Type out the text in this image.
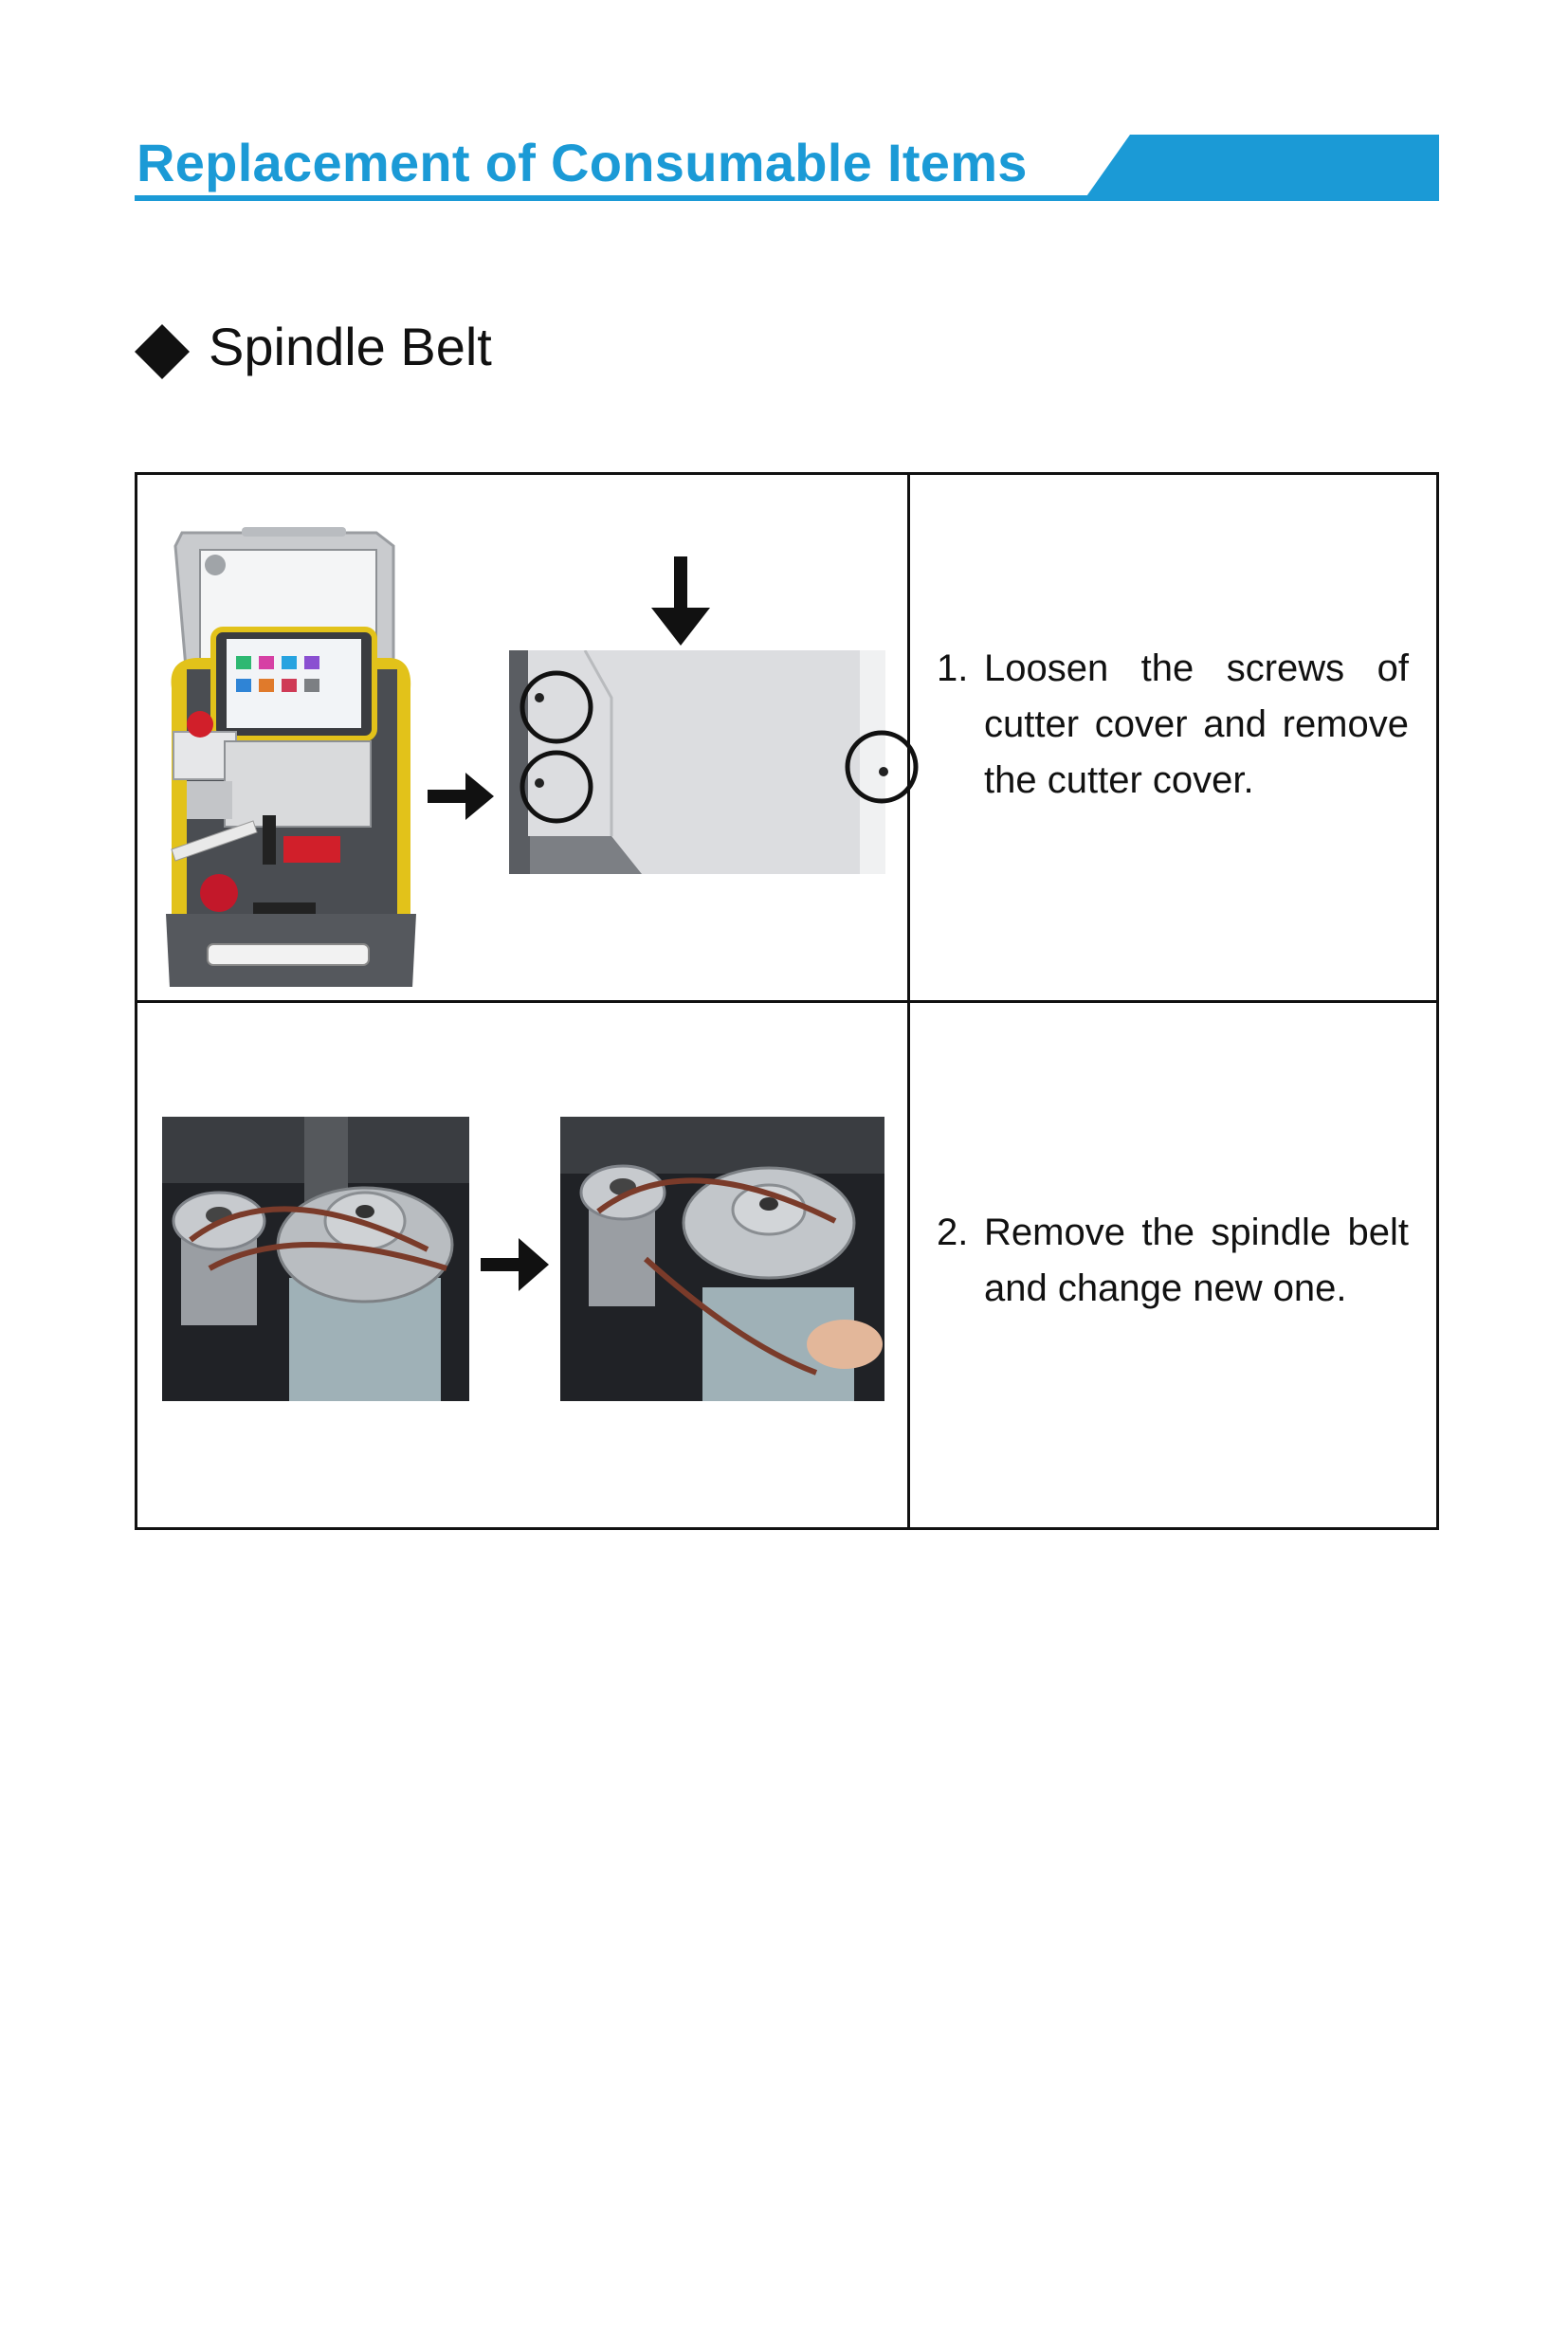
Replacement of Consumable Items
Spindle Belt
1. Loosen the screws of cutter cover and remove the cutter cover.
2. Remove the spindle belt and change new one.
